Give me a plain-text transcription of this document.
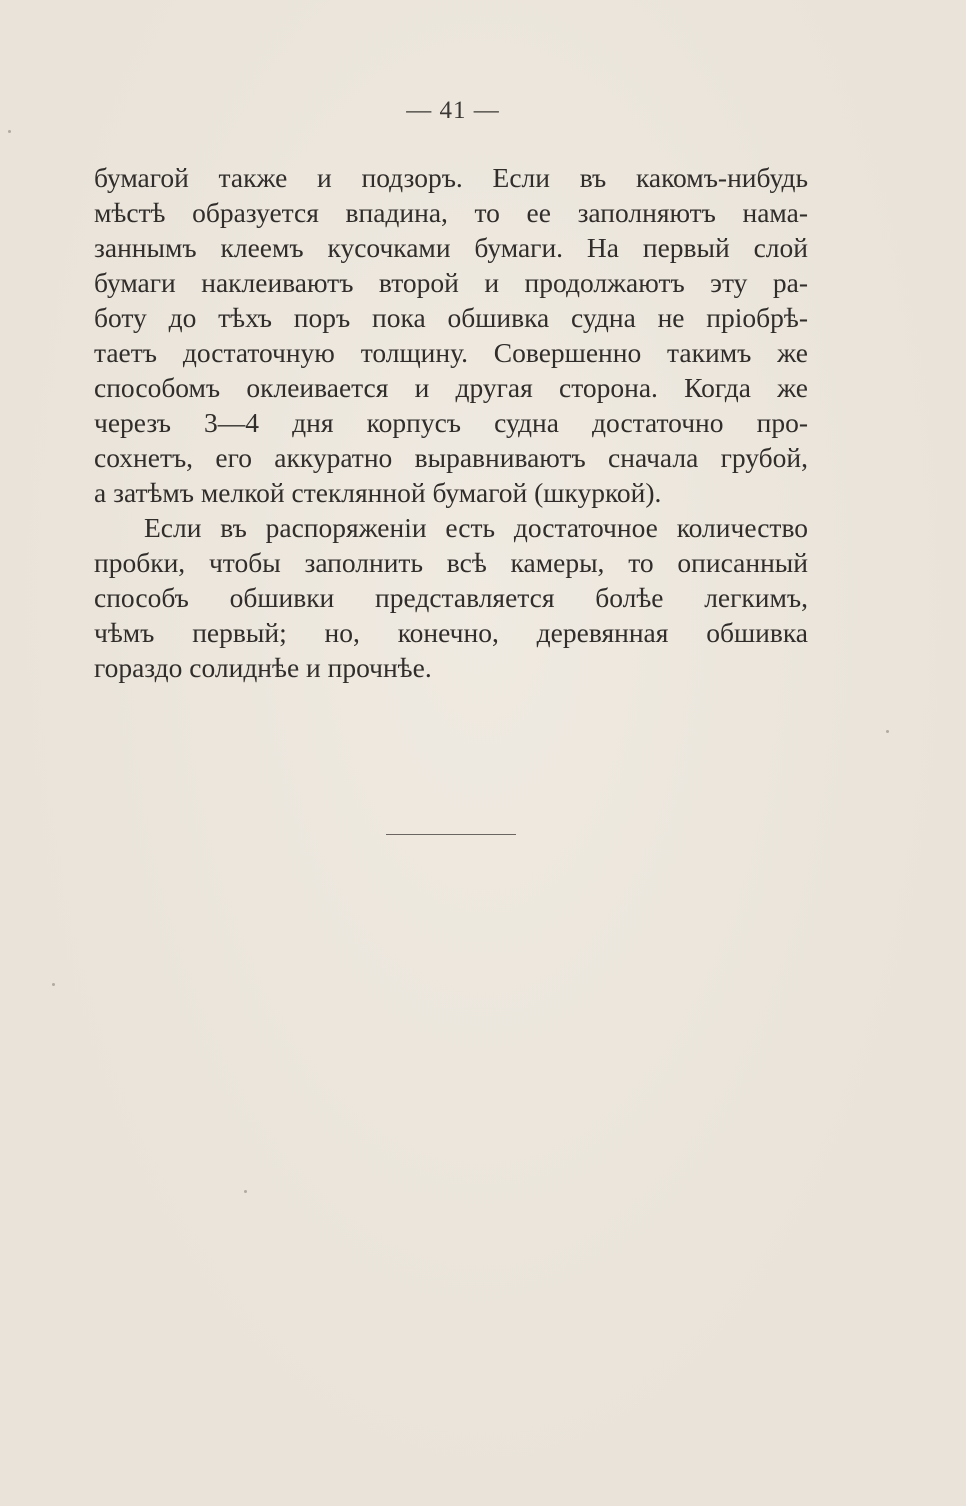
— 41 —

бумагой также и подзоръ. Если въ какомъ-нибудь
мѣстѣ образуется впадина, то ее заполняютъ нама-
заннымъ клеемъ кусочками бумаги. На первый слой
бумаги наклеиваютъ второй и продолжаютъ эту ра-
боту до тѣхъ поръ пока обшивка судна не пріобрѣ-
таетъ достаточную толщину. Совершенно такимъ же
способомъ оклеивается и другая сторона. Когда же
черезъ 3—4 дня корпусъ судна достаточно про-
сохнетъ, его аккуратно выравниваютъ сначала грубой,
а затѣмъ мелкой стеклянной бумагой (шкуркой).

Если въ распоряженіи есть достаточное количество
пробки, чтобы заполнить всѣ камеры, то описанный
способъ обшивки представляется болѣе легкимъ,
чѣмъ первый; но, конечно, деревянная обшивка
гораздо солиднѣе и прочнѣе.
